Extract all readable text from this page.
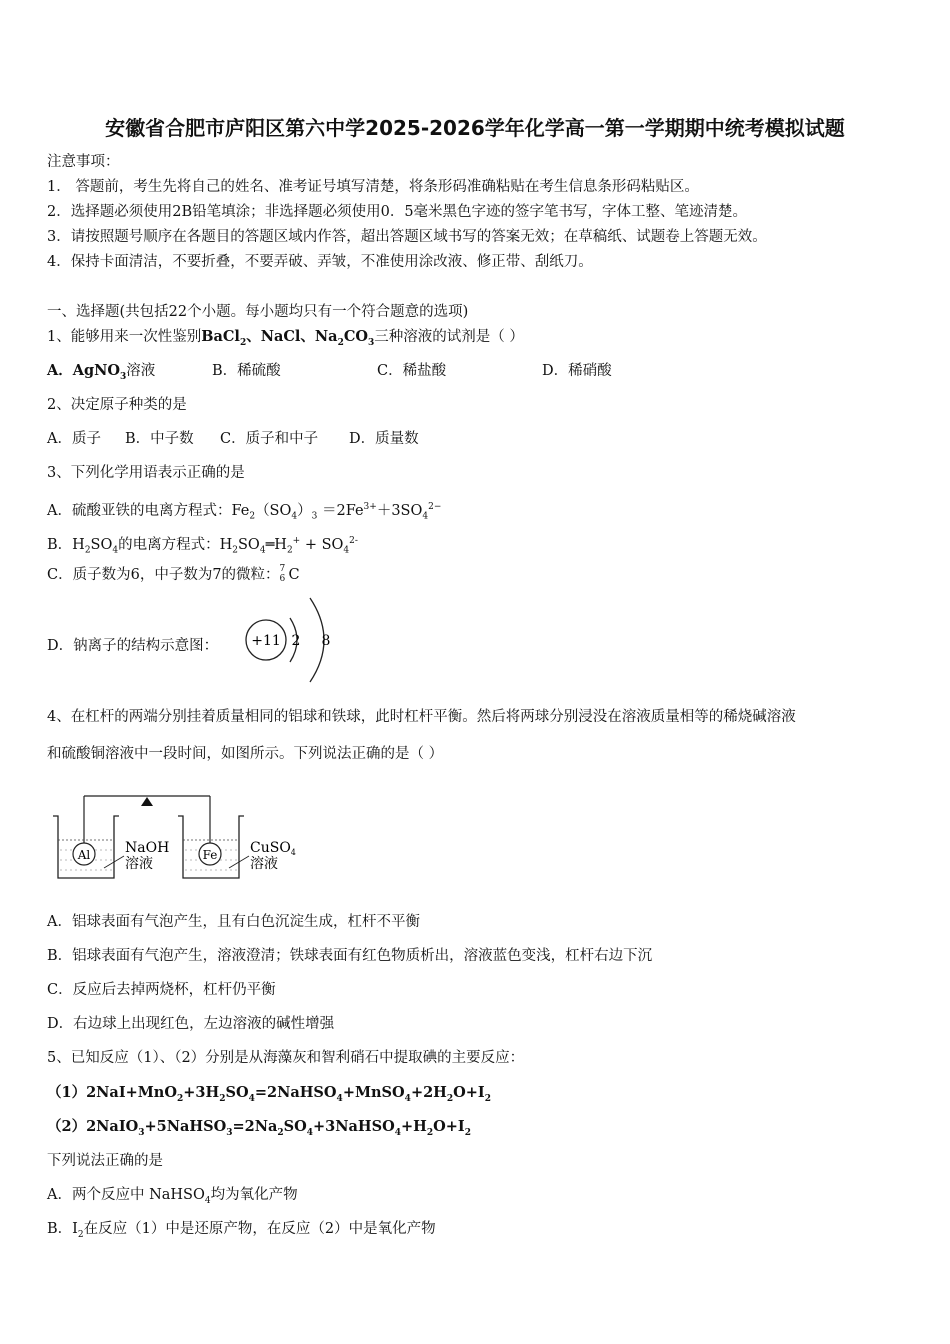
安徽省合肥市庐阳区第六中学2025-2026学年化学高一第一学期期中统考模拟试题
注意事项：
1． 答题前，考生先将自己的姓名、准考证号填写清楚，将条形码准确粘贴在考生信息条形码粘贴区。
2．选择题必须使用2B铅笔填涂；非选择题必须使用0．5毫米黑色字迹的签字笔书写，字体工整、笔迹清楚。
3．请按照题号顺序在各题目的答题区域内作答，超出答题区域书写的答案无效；在草稿纸、试题卷上答题无效。
4．保持卡面清洁，不要折叠，不要弄破、弄皱，不准使用涂改液、修正带、刮纸刀。
一、选择题(共包括22个小题。每小题均只有一个符合题意的选项)
1、能够用来一次性鉴别BaCl$_2$、NaCl、$Na_2CO_3$三种溶液的试剂是（ ）
A．AgNO$_3$溶液	B．稀硫酸	C．稀盐酸	D．稀硝酸
2、决定原子种类的是
A．质子 B．中子数 C．质子和中子 D．质量数
3、下列化学用语表示正确的是
A．硫酸亚铁的电离方程式：$Fe_2(SO_4)_3 =2Fe^{3+}+3SO_4^{2-}$
B．$H_2SO_4$的电离方程式：$H_2SO_4═H_2^+ + SO_4^{2-}$
C．质子数为6，中子数为7的微粒： 7
6 C
D．钠离子的结构示意图： +11 2 8
4、在杠杆的两端分别挂着质量相同的铝球和铁球，此时杠杆平衡。然后将两球分别浸没在溶液质量相等的稀烧碱溶液
和硫酸铜溶液中一段时间，如图所示。下列说法正确的是（ ）
Al	Fe
NaOH
溶液
CuSO$_4$
溶液
A．铝球表面有气泡产生，且有白色沉淀生成，杠杆不平衡
B．铝球表面有气泡产生，溶液澄清；铁球表面有红色物质析出，溶液蓝色变浅，杠杆右边下沉
C．反应后去掉两烧杯，杠杆仍平衡
D．右边球上出现红色，左边溶液的碱性增强
5、已知反应（1）、（2）分别是从海藻灰和智利硝石中提取碘的主要反应：
$(1)2NaI+MnO_2+3H_2SO_4=2NaHSO_4+MnSO_4+2H_2O+I_2$
$(2)2NaIO_3+5NaHSO_3=2Na_2SO_4+3NaHSO_4+H_2O+I_2$
下列说法正确的是
A．两个反应中 NaHSO$_4$均为氧化产物
B．$I_2$在反应（1）中是还原产物，在反应（2）中是氧化产物
